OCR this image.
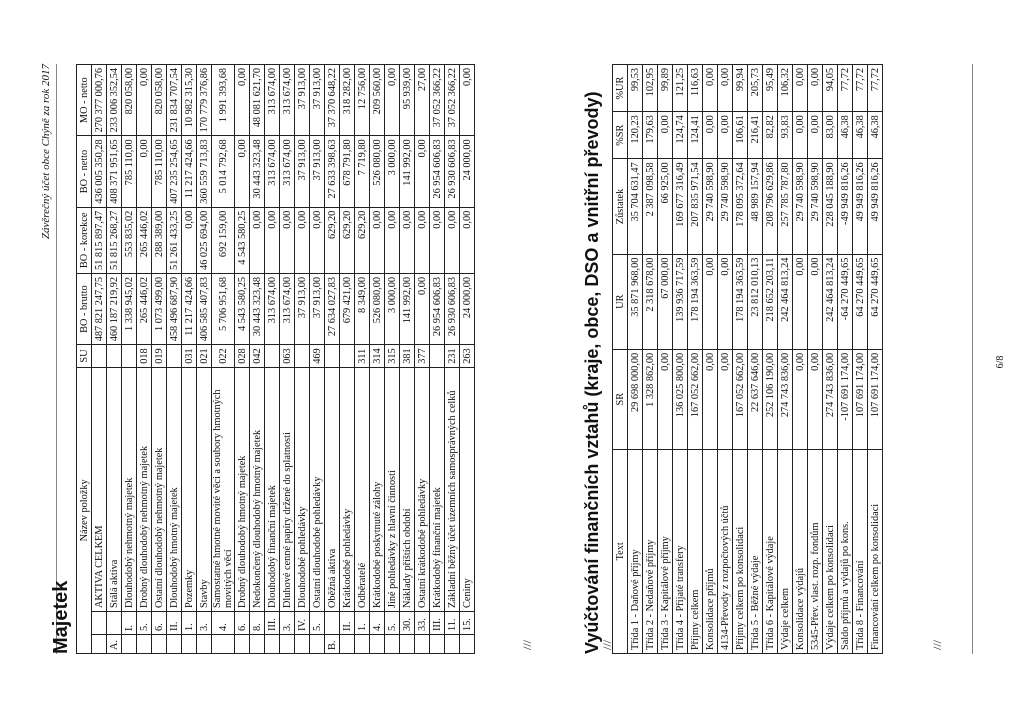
Závěrečný účet obce Chýně za rok 2017
Majetek
Název položky			SU	BO - brutto	BO - korekce	BO - netto	MO - netto
		AKTIVA CELKEM		487 821 247,75	51 815 897,47	436 005 350,28	270 377 000,76
A.		Stálá aktiva		460 187 219,92	51 815 268,27	408 371 951,65	233 006 352,54
	I.	Dlouhodobý nehmotný majetek		1 338 945,02	553 835,02	785 110,00	820 058,00
	5.	Drobný dlouhodobý nehmotný majetek	018	265 446,02	265 446,02	0,00	0,00
	6.	Ostatní dlouhodobý nehmotný majetek	019	1 073 499,00	288 389,00	785 110,00	820 058,00
	II.	Dlouhodobý hmotný majetek		458 496 687,90	51 261 433,25	407 235 254,65	231 834 707,54
	1.	Pozemky	031	11 217 424,66	0,00	11 217 424,66	10 982 315,30
	3.	Stavby	021	406 585 407,83	46 025 694,00	360 559 713,83	170 779 376,86
	4.	Samostatné hmotné movité věci a soubory hmotných movitých věcí	022	5 706 951,68	692 159,00	5 014 792,68	1 991 393,68
	6.	Drobný dlouhodobý hmotný majetek	028	4 543 580,25	4 543 580,25	0,00	0,00
	8.	Nedokončený dlouhodobý hmotný majetek	042	30 443 323,48	0,00	30 443 323,48	48 081 621,70
	III.	Dlouhodobý finanční majetek		313 674,00	0,00	313 674,00	313 674,00
	3.	Dluhové cenné papíry držené do splatnosti	063	313 674,00	0,00	313 674,00	313 674,00
	IV.	Dlouhodobé pohledávky		37 913,00	0,00	37 913,00	37 913,00
	5.	Ostatní dlouhodobé pohledávky	469	37 913,00	0,00	37 913,00	37 913,00
B.		Oběžná aktiva		27 634 027,83	629,20	27 633 398,63	37 370 648,22
	II.	Krátkodobé pohledávky		679 421,00	629,20	678 791,80	318 282,00
	1.	Odběratelé	311	8 349,00	629,20	7 719,80	12 756,00
	4.	Krátkodobé poskytnuté zálohy	314	526 080,00	0,00	526 080,00	209 560,00
	5.	Jiné pohledávky z hlavní činnosti	315	3 000,00	0,00	3 000,00	0,00
	30.	Náklady příštích období	381	141 992,00	0,00	141 992,00	95 939,00
	33.	Ostatní krátkodobé pohledávky	377	0,00	0,00	0,00	27,00
	III.	Krátkodobý finanční majetek		26 954 606,83	0,00	26 954 606,83	37 052 366,22
	11.	Základní běžný účet územních samosprávných celků	231	26 930 606,83	0,00	26 930 606,83	37 052 366,22
	15.	Ceniny	263	24 000,00	0,00	24 000,00	0,00
///	Vyúčtování finančních vztahů (kraje, obce, DSO a vnitřní převody)
///
Text	SR	UR	Zůstatek	%SR	%UR
Třída 1 - Daňové příjmy	29 698 000,00	35 871 968,00	35 704 631,47	120,23	99,53
Třída 2 - Nedaňové příjmy	1 328 862,00	2 318 678,00	2 387 098,58	179,63	102,95
Třída 3 - Kapitálové příjmy	0,00	67 000,00	66 925,00	0,00	99,89
Třída 4 - Přijaté transfery	136 025 800,00	139 936 717,59	169 677 316,49	124,74	121,25
Příjmy celkem	167 052 662,00	178 194 363,59	207 835 971,54	124,41	116,63
Konsolidace příjmů	0,00	0,00	29 740 598,90	0,00	0,00
4134-Převody z rozpočtových účtů	0,00	0,00	29 740 598,90	0,00	0,00
Příjmy celkem po konsolidaci	167 052 662,00	178 194 363,59	178 095 372,64	106,61	99,94
Třída 5 - Běžné výdaje	22 637 646,00	23 812 010,13	48 989 157,94	216,41	205,73
Třída 6 - Kapitálové výdaje	252 106 190,00	218 652 203,11	208 796 629,86	82,82	95,49
Výdaje celkem	274 743 836,00	242 464 813,24	257 785 787,80	93,83	106,32
Konsolidace výdajů	0,00	0,00	29 740 598,90	0,00	0,00
5345-Přev. vlast. rozp. fondům	0,00	0,00	29 740 598,90	0,00	0,00
Výdaje celkem po konsolidaci	274 743 836,00	242 464 813,24	228 045 188,90	83,00	94,05
Saldo příjmů a výdajů po kons.	-107 691 174,00	-64 270 449,65	-49 949 816,26	46,38	77,72
Třída 8 - Financování	107 691 174,00	64 270 449,65	49 949 816,26	46,38	77,72
Financování celkem po konsolidaci	107 691 174,00	64 270 449,65	49 949 816,26	46,38	77,72
///
6/8
